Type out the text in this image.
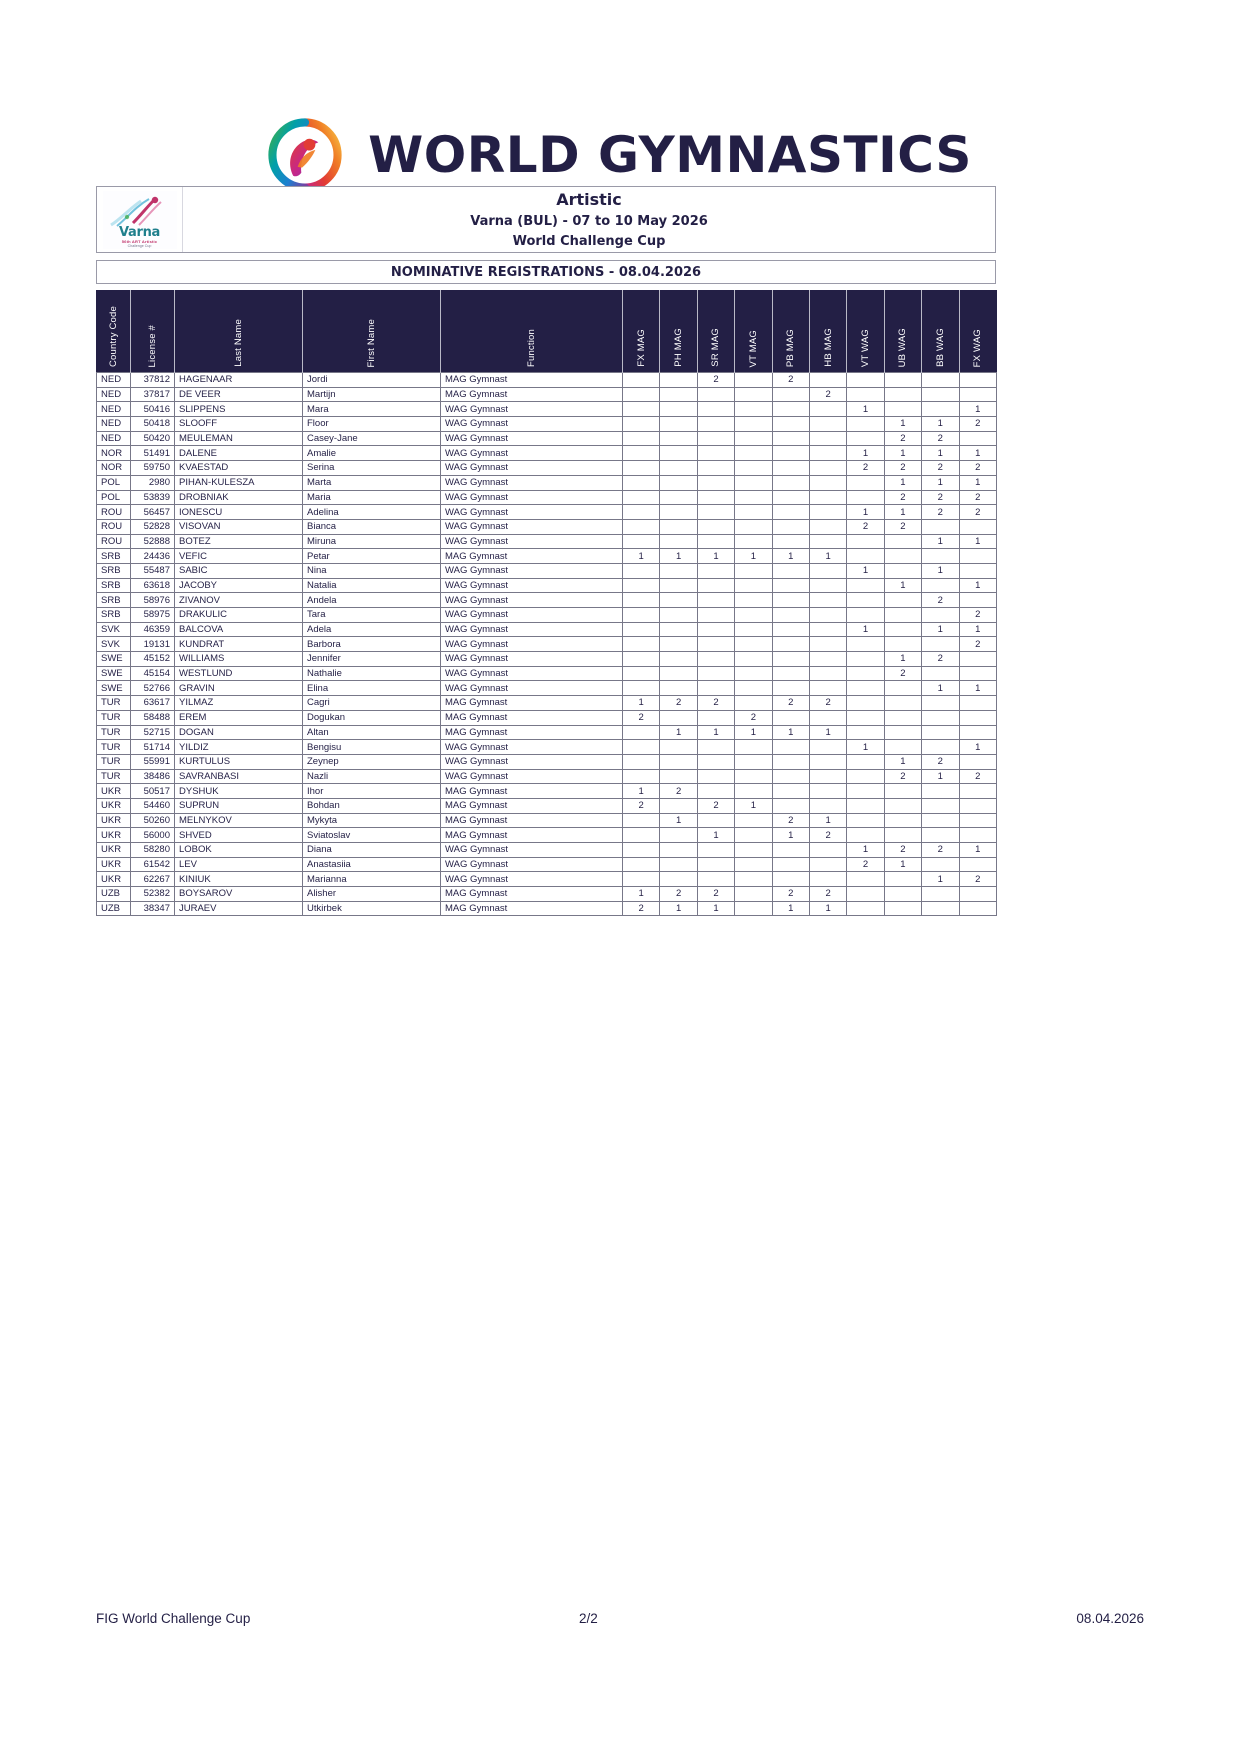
WORLD GYMNASTICS
Varna
56th ART Artistic
Challenge Cup
Artistic
Varna (BUL) - 07 to 10 May 2026
World Challenge Cup
NOMINATIVE REGISTRATIONS - 08.04.2026
Country Code	License #	Last Name	First Name	Function	FX MAG	PH MAG	SR MAG	VT MAG	PB MAG	HB MAG	VT WAG	UB WAG	BB WAG	FX WAG

NED	37812	HAGENAAR	Jordi	MAG Gymnast			2		2					
NED	37817	DE VEER	Martijn	MAG Gymnast						2				
NED	50416	SLIPPENS	Mara	WAG Gymnast							1			1
NED	50418	SLOOFF	Floor	WAG Gymnast								1	1	2
NED	50420	MEULEMAN	Casey-Jane	WAG Gymnast								2	2	
NOR	51491	DALENE	Amalie	WAG Gymnast							1	1	1	1
NOR	59750	KVAESTAD	Serina	WAG Gymnast							2	2	2	2
POL	2980	PIHAN-KULESZA	Marta	WAG Gymnast								1	1	1
POL	53839	DROBNIAK	Maria	WAG Gymnast								2	2	2
ROU	56457	IONESCU	Adelina	WAG Gymnast							1	1	2	2
ROU	52828	VISOVAN	Bianca	WAG Gymnast							2	2		
ROU	52888	BOTEZ	Miruna	WAG Gymnast									1	1
SRB	24436	VEFIC	Petar	MAG Gymnast	1	1	1	1	1	1				
SRB	55487	SABIC	Nina	WAG Gymnast							1		1	
SRB	63618	JACOBY	Natalia	WAG Gymnast								1		1
SRB	58976	ZIVANOV	Andela	WAG Gymnast									2	
SRB	58975	DRAKULIC	Tara	WAG Gymnast										2
SVK	46359	BALCOVA	Adela	WAG Gymnast							1		1	1
SVK	19131	KUNDRAT	Barbora	WAG Gymnast										2
SWE	45152	WILLIAMS	Jennifer	WAG Gymnast								1	2	
SWE	45154	WESTLUND	Nathalie	WAG Gymnast								2		
SWE	52766	GRAVIN	Elina	WAG Gymnast									1	1
TUR	63617	YILMAZ	Cagri	MAG Gymnast	1	2	2		2	2				
TUR	58488	EREM	Dogukan	MAG Gymnast	2			2						
TUR	52715	DOGAN	Altan	MAG Gymnast		1	1	1	1	1				
TUR	51714	YILDIZ	Bengisu	WAG Gymnast							1			1
TUR	55991	KURTULUS	Zeynep	WAG Gymnast								1	2	
TUR	38486	SAVRANBASI	Nazli	WAG Gymnast								2	1	2
UKR	50517	DYSHUK	Ihor	MAG Gymnast	1	2								
UKR	54460	SUPRUN	Bohdan	MAG Gymnast	2		2	1						
UKR	50260	MELNYKOV	Mykyta	MAG Gymnast		1			2	1				
UKR	56000	SHVED	Sviatoslav	MAG Gymnast			1		1	2				
UKR	58280	LOBOK	Diana	WAG Gymnast							1	2	2	1
UKR	61542	LEV	Anastasiia	WAG Gymnast							2	1		
UKR	62267	KINIUK	Marianna	WAG Gymnast									1	2
UZB	52382	BOYSAROV	Alisher	MAG Gymnast	1	2	2		2	2				
UZB	38347	JURAEV	Utkirbek	MAG Gymnast	2	1	1		1	1				
FIG World Challenge Cup	2/2	08.04.2026
